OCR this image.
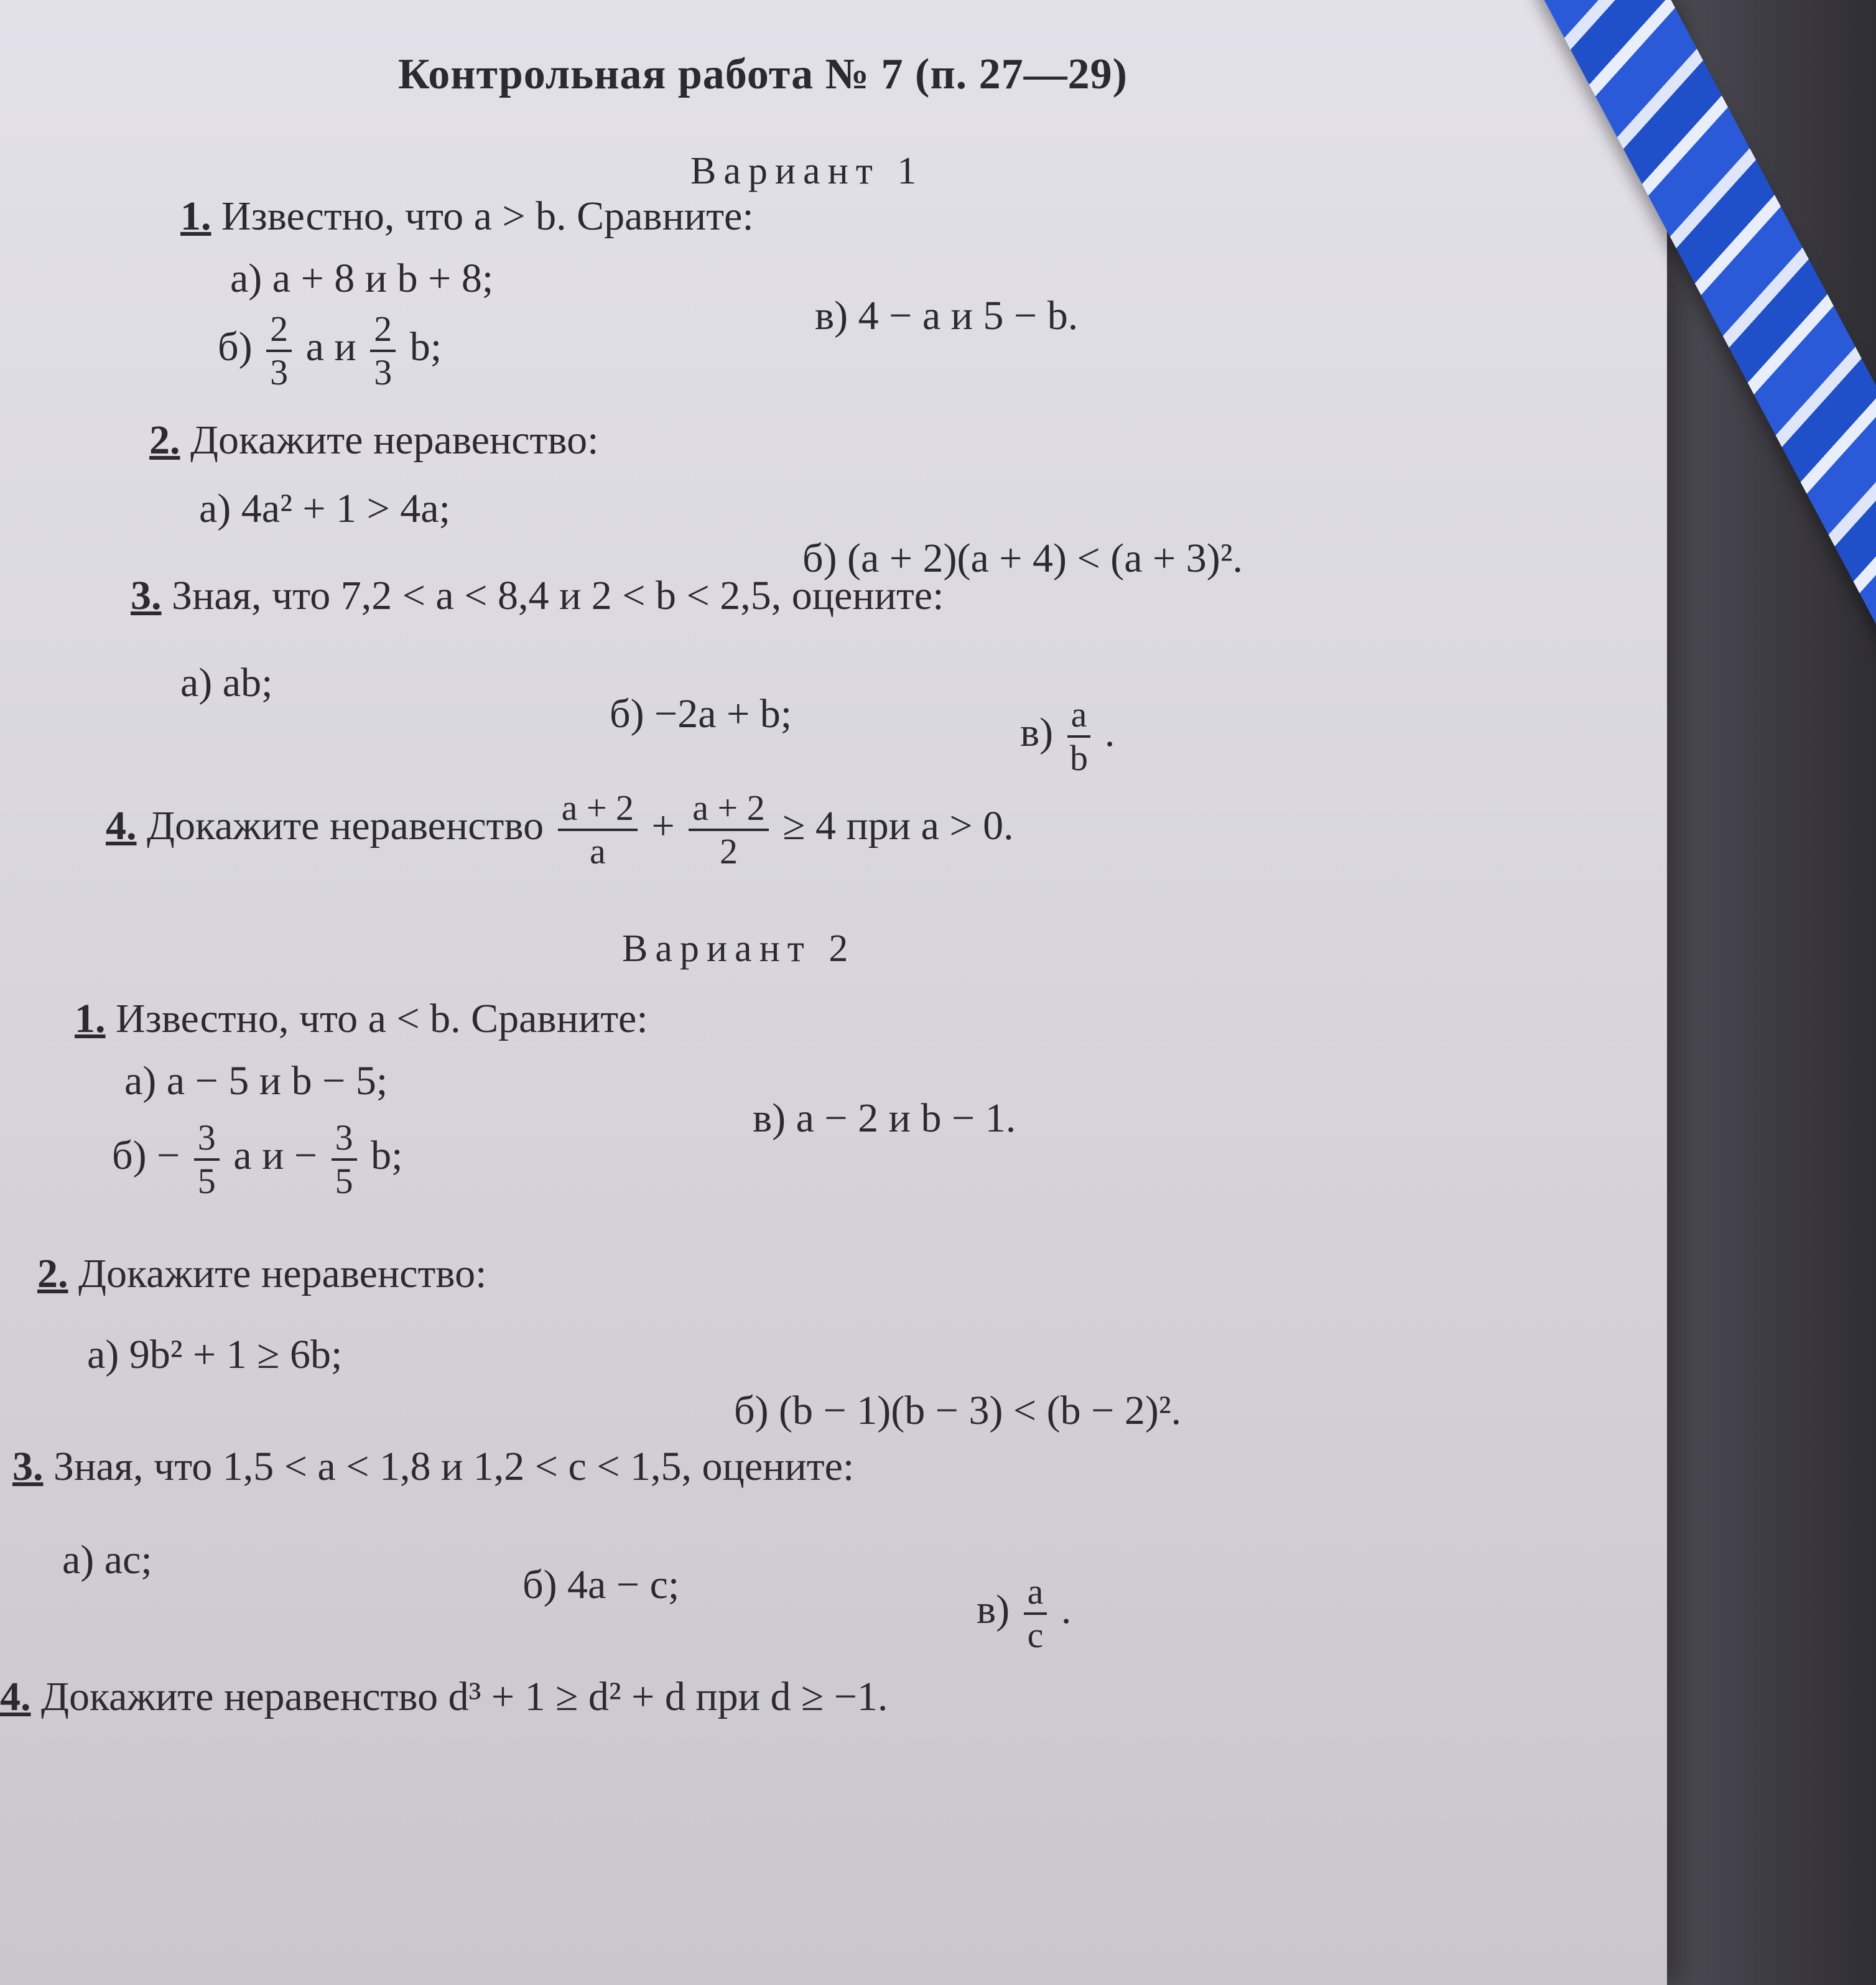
Контрольная работа № 7 (п. 27—29)
Вариант 1
1. Известно, что a > b. Сравните:
а) a + 8 и b + 8;
в) 4 − a и 5 − b.
$б) \frac{2}{3}$ a и $\frac{2}{3} b$;
2. Докажите неравенство:
а) 4a² + 1 > 4a;
б) (a + 2)(a + 4) < (a + 3)².
3. Зная, что 7,2 < a < 8,4 и 2 < b < 2,5, оцените:
а) ab;
б) −2a + b;	$в) \frac{a}{b}$ .
4. Докажите неравенство $\frac{a + 2}{a} + \frac{a + 2}{2} \ge 4$ при a > 0.
Вариант 2
1. Известно, что a < b. Сравните:
а) a − 5 и b − 5;
в) a − 2 и b − 1.
$б) - \frac{3}{5}$ a $и - \frac{3}{5} b$;
2. Докажите неравенство:
а) 9b² + 1 ≥ 6b;
б) (b − 1)(b − 3) < (b − 2)².
3. Зная, что 1,5 < a < 1,8 и 1,2 < c < 1,5, оцените:
а) ac;
б) 4a − c;
$в) \frac{a}{c}$ .
4. Докажите неравенство d³ + 1 ≥ d² + d при d ≥ −1.
